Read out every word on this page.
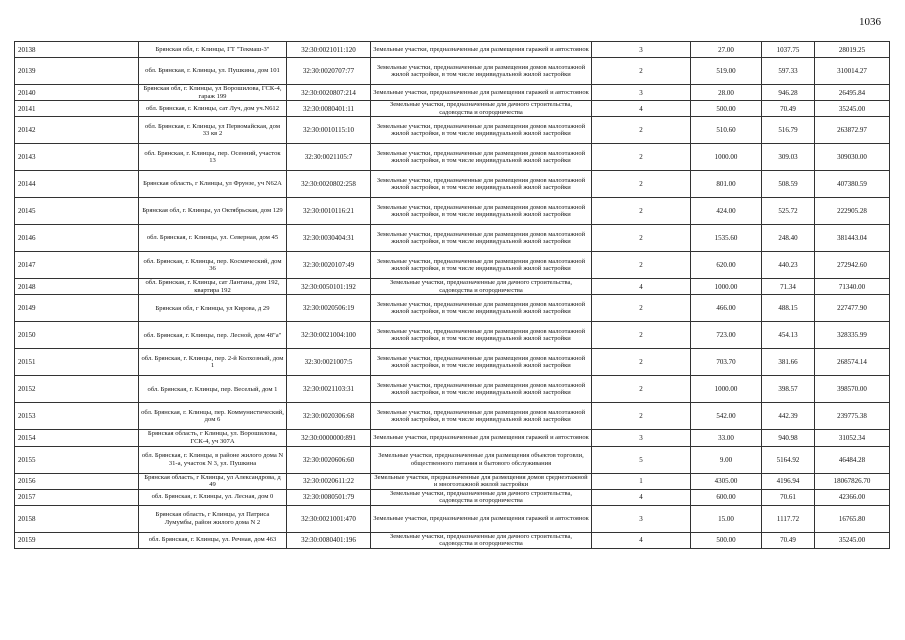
1036
20138	Брянская обл, г. Клинцы, ГТ "Текмаш-3"	32:30:0021011:120	Земельные участки, предназначенные для размещения гаражей и автостоянок	3	27.00	1037.75	28019.25
20139	обл. Брянская, г. Клинцы, ул. Пушкина, дом 101	32:30:0020707:77	Земельные участки, предназначенные для размещения домов малоэтажной жилой застройки, в том числе индивидуальной жилой застройки	2	519.00	597.33	310014.27
20140	Брянская обл, г. Клинцы, ул Ворошилова, ГСК-4, гараж 199	32:30:0020807:214	Земельные участки, предназначенные для размещения гаражей и автостоянок	3	28.00	946.28	26495.84
20141	обл. Брянская, г. Клинцы, сат Луч, дом уч.N612	32:30:0080401:11	Земельные участки, предназначенные для дачного строительства, садоводства и огородничества	4	500.00	70.49	35245.00
20142	обл. Брянская, г. Клинцы, ул Первомайская, дом 33 кв 2	32:30:0010115:10	Земельные участки, предназначенные для размещения домов малоэтажной жилой застройки, в том числе индивидуальной жилой застройки	2	510.60	516.79	263872.97
20143	обл. Брянская, г. Клинцы, пер. Осенний, участок 13	32:30:0021105:7	Земельные участки, предназначенные для размещения домов малоэтажной жилой застройки, в том числе индивидуальной жилой застройки	2	1000.00	309.03	309030.00
20144	Брянская область, г Клинцы, ул Фрунзе, уч N62А	32:30:0020802:258	Земельные участки, предназначенные для размещения домов малоэтажной жилой застройки, в том числе индивидуальной жилой застройки	2	801.00	508.59	407380.59
20145	Брянская обл, г. Клинцы, ул Октябрьская, дом 129	32:30:0010116:21	Земельные участки, предназначенные для размещения домов малоэтажной жилой застройки, в том числе индивидуальной жилой застройки	2	424.00	525.72	222905.28
20146	обл. Брянская, г. Клинцы, ул. Северная, дом 45	32:30:0030404:31	Земельные участки, предназначенные для размещения домов малоэтажной жилой застройки, в том числе индивидуальной жилой застройки	2	1535.60	248.40	381443.04
20147	обл. Брянская, г. Клинцы, пер. Космический, дом 36	32:30:0020107:49	Земельные участки, предназначенные для размещения домов малоэтажной жилой застройки, в том числе индивидуальной жилой застройки	2	620.00	440.23	272942.60
20148	обл. Брянская, г. Клинцы, сат Лантана, дом 192, квартира 192	32:30:0050101:192	Земельные участки, предназначенные для дачного строительства, садоводства и огородничества	4	1000.00	71.34	71340.00
20149	Брянская обл, г Клинцы, ул Кирова, д 29	32:30:0020506:19	Земельные участки, предназначенные для размещения домов малоэтажной жилой застройки, в том числе индивидуальной жилой застройки	2	466.00	488.15	227477.90
20150	обл. Брянская, г. Клинцы, пер. Лесной, дом 48"а"	32:30:0021004:100	Земельные участки, предназначенные для размещения домов малоэтажной жилой застройки, в том числе индивидуальной жилой застройки	2	723.00	454.13	328335.99
20151	обл. Брянская, г. Клинцы, пер. 2-й Колхозный, дом 1	32:30:0021007:5	Земельные участки, предназначенные для размещения домов малоэтажной жилой застройки, в том числе индивидуальной жилой застройки	2	703.70	381.66	268574.14
20152	обл. Брянская, г. Клинцы, пер. Веселый, дом 1	32:30:0021103:31	Земельные участки, предназначенные для размещения домов малоэтажной жилой застройки, в том числе индивидуальной жилой застройки	2	1000.00	398.57	398570.00
20153	обл. Брянская, г. Клинцы, пер. Коммунистический, дом 6	32:30:0020306:68	Земельные участки, предназначенные для размещения домов малоэтажной жилой застройки, в том числе индивидуальной жилой застройки	2	542.00	442.39	239775.38
20154	Брянская область, г Клинцы, ул. Ворошилова, ГСК-4, уч 307А	32:30:0000000:891	Земельные участки, предназначенные для размещения гаражей и автостоянок	3	33.00	940.98	31052.34
20155	обл. Брянская, г. Клинцы, в районе жилого дома N 31-а, участок N 3, ул. Пушкина	32:30:0020606:60	Земельные участки, предназначенные для размещения объектов торговли, общественного питания и бытового обслуживания	5	9.00	5164.92	46484.28
20156	Брянская область, г Клинцы, ул Александрова, д 49	32:30:0020611:22	Земельные участки, предназначенные для размещения домов среднеэтажной и многоэтажной жилой застройки	1	4305.00	4196.94	18067826.70
20157	обл. Брянская, г. Клинцы, ул. Лесная, дом 0	32:30:0080501:79	Земельные участки, предназначенные для дачного строительства, садоводства и огородничества	4	600.00	70.61	42366.00
20158	Брянская область, г Клинцы, ул Патриса Лумумбы, район жилого дома N 2	32:30:0021001:470	Земельные участки, предназначенные для размещения гаражей и автостоянок	3	15.00	1117.72	16765.80
20159	обл. Брянская, г. Клинцы, ул. Речная, дом 463	32:30:0080401:196	Земельные участки, предназначенные для дачного строительства, садоводства и огородничества	4	500.00	70.49	35245.00
